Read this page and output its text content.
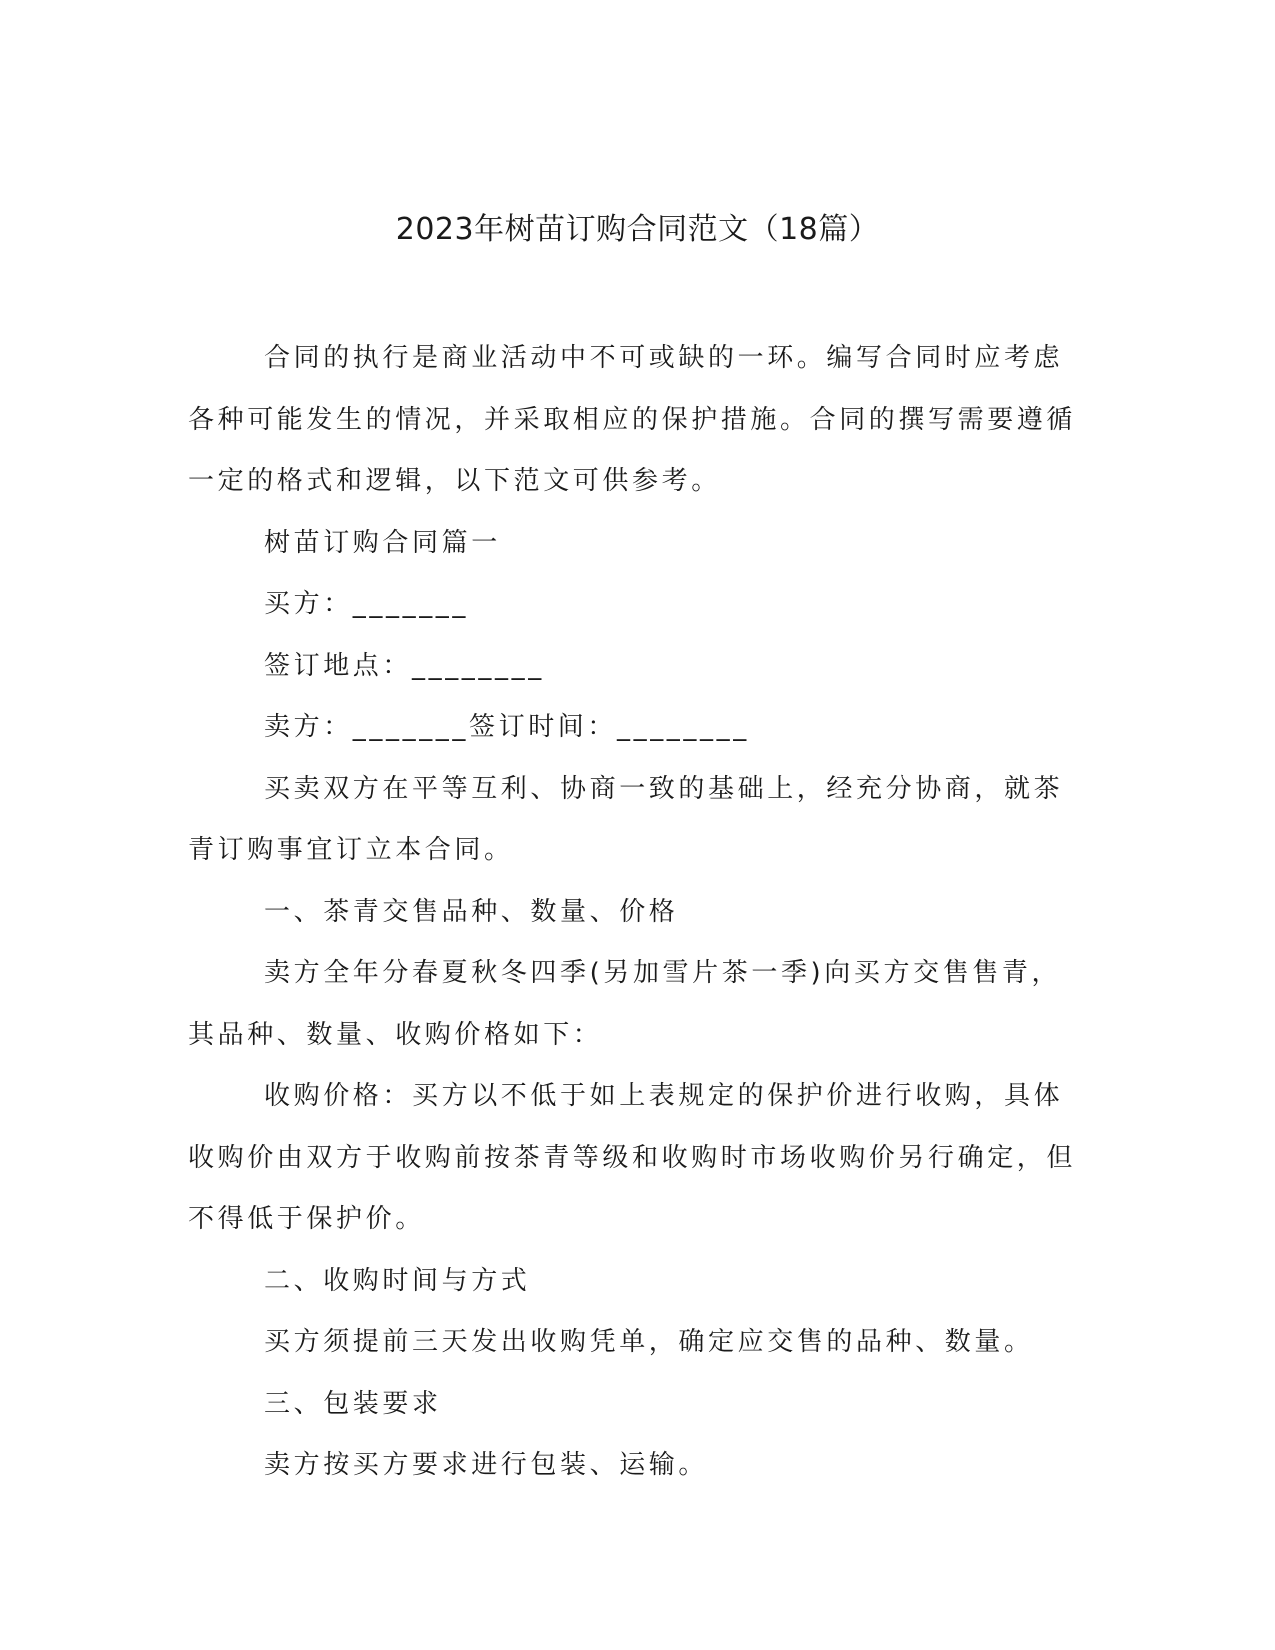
2023年树苗订购合同范文（18篇）

合同的执行是商业活动中不可或缺的一环。编写合同时应考虑各种可能发生的情况，并采取相应的保护措施。合同的撰写需要遵循一定的格式和逻辑，以下范文可供参考。

树苗订购合同篇一

买方：_______

签订地点：________

卖方：_______签订时间：________

买卖双方在平等互利、协商一致的基础上，经充分协商，就茶青订购事宜订立本合同。

一、茶青交售品种、数量、价格

卖方全年分春夏秋冬四季(另加雪片茶一季)向买方交售售青，其品种、数量、收购价格如下：

收购价格：买方以不低于如上表规定的保护价进行收购，具体收购价由双方于收购前按茶青等级和收购时市场收购价另行确定，但不得低于保护价。

二、收购时间与方式

买方须提前三天发出收购凭单，确定应交售的品种、数量。

三、包装要求

卖方按买方要求进行包装、运输。
